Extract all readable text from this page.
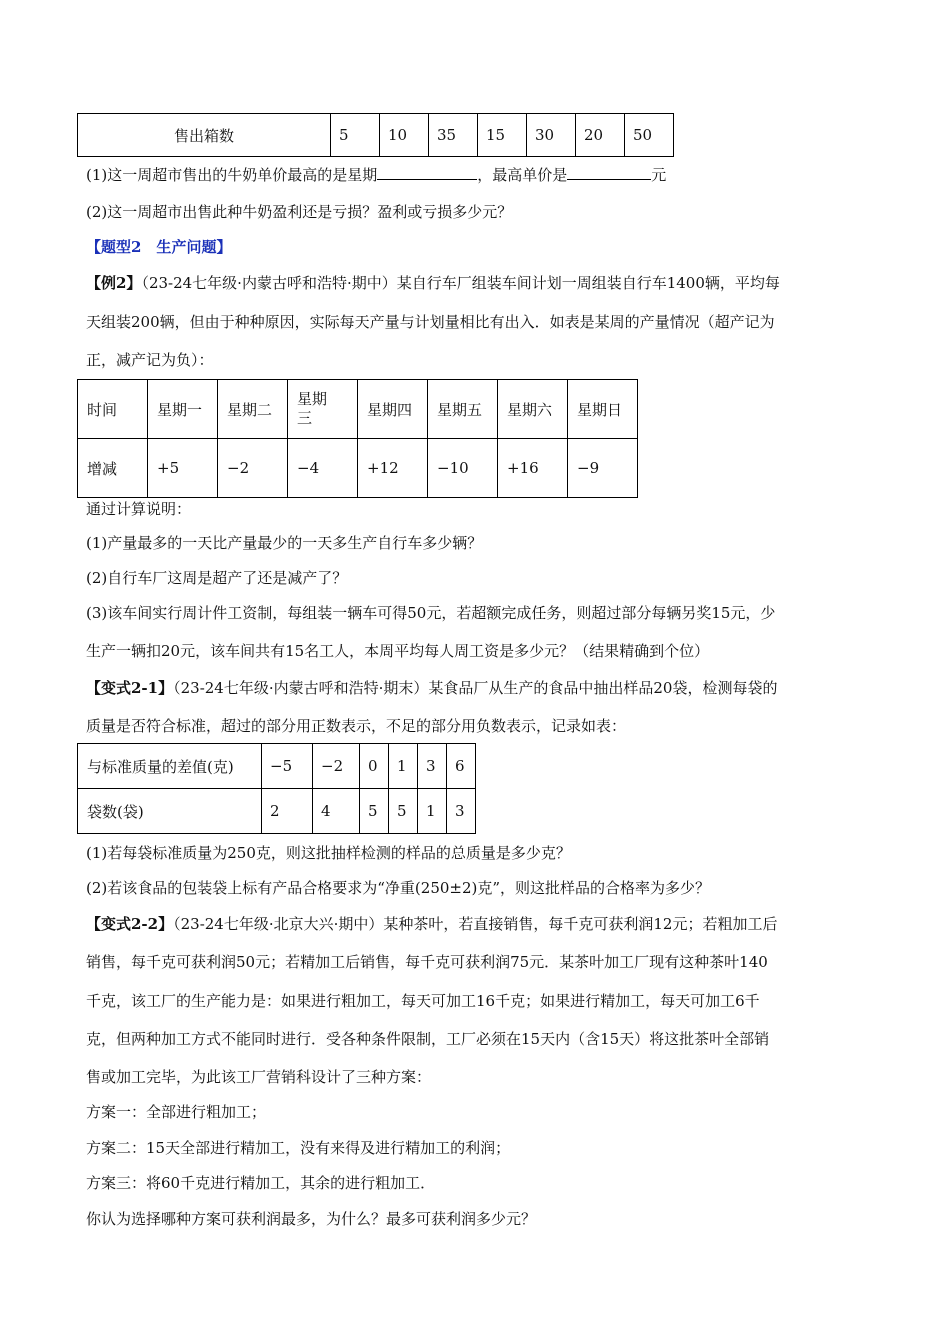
售出箱数	5	10	35	15	30	20	50
(1)这一周超市售出的牛奶单价最高的是星期	，最高单价是	元
(2)这一周超市出售此种牛奶盈利还是亏损？盈利或亏损多少元？
【题型2　生产问题】
【例2】（23-24七年级·内蒙古呼和浩特·期中）某自行车厂组装车间计划一周组装自行车1400辆，平均每
天组装200辆，但由于种种原因，实际每天产量与计划量相比有出入．如表是某周的产量情况（超产记为
正，减产记为负）：
时间	星期一	星期二	星期三	星期四	星期五	星期六	星期日
增减	+5	−2	−4	+12	−10	+16	−9
通过计算说明：
(1)产量最多的一天比产量最少的一天多生产自行车多少辆？
(2)自行车厂这周是超产了还是减产了？
(3)该车间实行周计件工资制，每组装一辆车可得50元，若超额完成任务，则超过部分每辆另奖15元，少
生产一辆扣20元，该车间共有15名工人，本周平均每人周工资是多少元？（结果精确到个位）
【变式2-1】（23-24七年级·内蒙古呼和浩特·期末）某食品厂从生产的食品中抽出样品20袋，检测每袋的
质量是否符合标准，超过的部分用正数表示，不足的部分用负数表示，记录如表：
与标准质量的差值(克)	−5	−2	0	1	3	6
袋数(袋)	2	4	5	5	1	3
(1)若每袋标准质量为250克，则这批抽样检测的样品的总质量是多少克？
(2)若该食品的包装袋上标有产品合格要求为“净重(250±2)克”，则这批样品的合格率为多少？
【变式2-2】（23-24七年级·北京大兴·期中）某种茶叶，若直接销售，每千克可获利润12元；若粗加工后
销售，每千克可获利润50元；若精加工后销售，每千克可获利润75元．某茶叶加工厂现有这种茶叶140
千克，该工厂的生产能力是：如果进行粗加工，每天可加工16千克；如果进行精加工，每天可加工6千
克，但两种加工方式不能同时进行．受各种条件限制，工厂必须在15天内（含15天）将这批茶叶全部销
售或加工完毕，为此该工厂营销科设计了三种方案：
方案一：全部进行粗加工；
方案二：15天全部进行精加工，没有来得及进行精加工的利润；
方案三：将60千克进行精加工，其余的进行粗加工．
你认为选择哪种方案可获利润最多，为什么？最多可获利润多少元？
